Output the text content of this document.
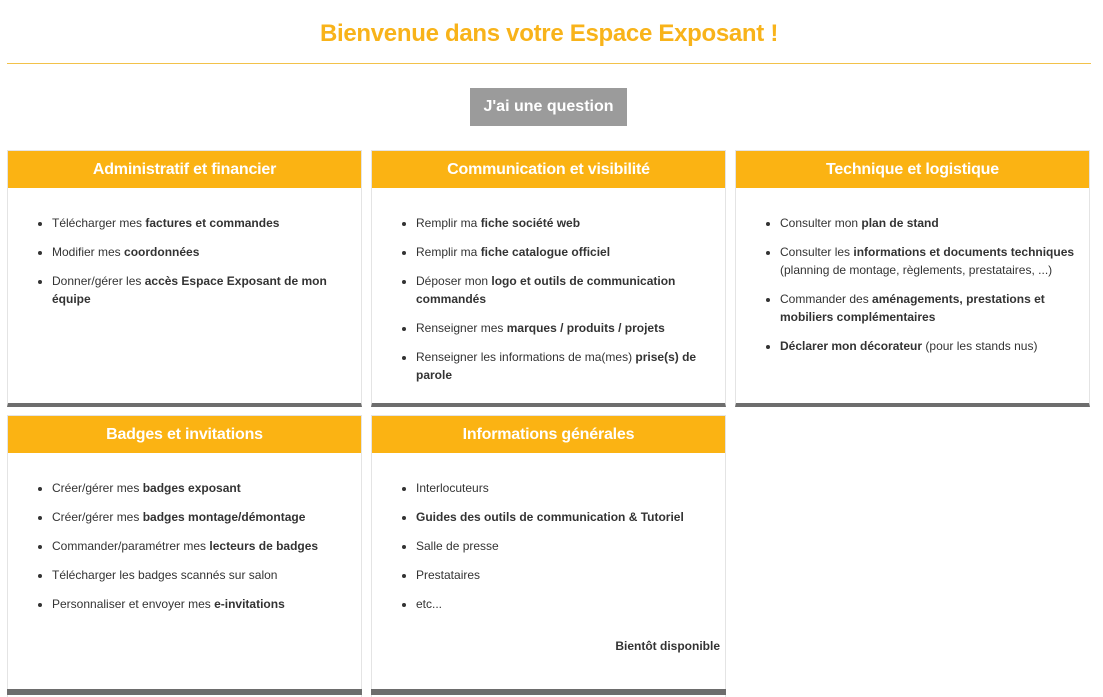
Bienvenue dans votre Espace Exposant !
J'ai une question
Administratif et financier
• Télécharger mes factures et commandes
• Modifier mes coordonnées
• Donner/gérer les accès Espace Exposant de mon équipe
Communication et visibilité
• Remplir ma fiche société web
• Remplir ma fiche catalogue officiel
• Déposer mon logo et outils de communication commandés
• Renseigner mes marques / produits / projets
• Renseigner les informations de ma(mes) prise(s) de parole
Technique et logistique
• Consulter mon plan de stand
• Consulter les informations et documents techniques (planning de montage, règlements, prestataires, ...)
• Commander des aménagements, prestations et mobiliers complémentaires
• Déclarer mon décorateur (pour les stands nus)
Badges et invitations
• Créer/gérer mes badges exposant
• Créer/gérer mes badges montage/démontage
• Commander/paramétrer mes lecteurs de badges
• Télécharger les badges scannés sur salon
• Personnaliser et envoyer mes e-invitations
Informations générales
• Interlocuteurs
• Guides des outils de communication & Tutoriel
• Salle de presse
• Prestataires
• etc...
Bientôt disponible
